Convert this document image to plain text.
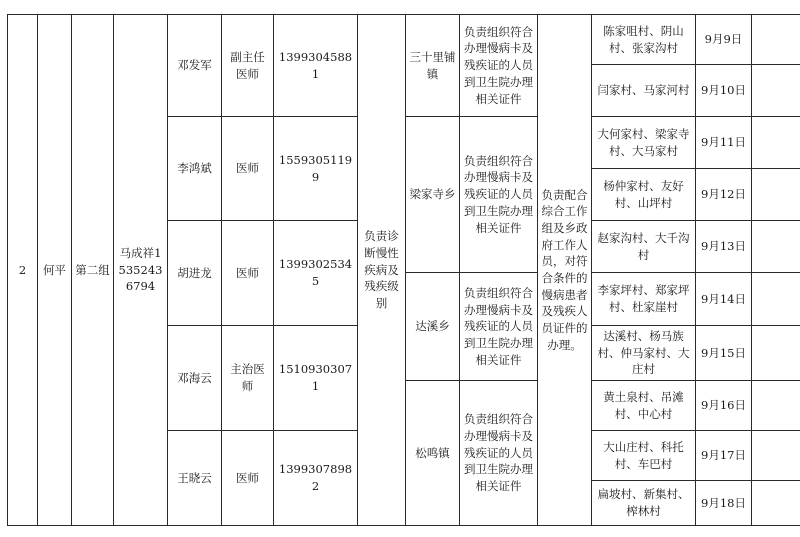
2	何平	第二组	马成祥15352436794	邓发军	副主任医师	13993045881	负责诊断慢性疾病及残疾级别	三十里铺镇	负责组织符合办理慢病卡及残疾证的人员到卫生院办理相关证件	负责配合综合工作组及乡政府工作人员，对符合条件的慢病患者及残疾人员证件的办理。	陈家咀村、阴山村、张家沟村	9月9日	
											闫家村、马家河村	9月10日	
				李鸿斌	医师	15593051199		梁家寺乡	负责组织符合办理慢病卡及残疾证的人员到卫生院办理相关证件		大何家村、梁家寺村、大马家村	9月11日	
											杨仲家村、友好村、山坪村	9月12日	
				胡进龙	医师	13993025345					赵家沟村、大千沟村	9月13日	
								达溪乡	负责组织符合办理慢病卡及残疾证的人员到卫生院办理相关证件		李家坪村、郑家坪村、杜家崖村	9月14日	
				邓海云	主治医师	15109303071					达溪村、杨马族村、仲马家村、大庄村	9月15日	
								松鸣镇	负责组织符合办理慢病卡及残疾证的人员到卫生院办理相关证件		黄土泉村、吊滩村、中心村	9月16日	
				王晓云	医师	13993078982					大山庄村、科托村、车巴村	9月17日	
											扁坡村、新集村、榨林村	9月18日	
